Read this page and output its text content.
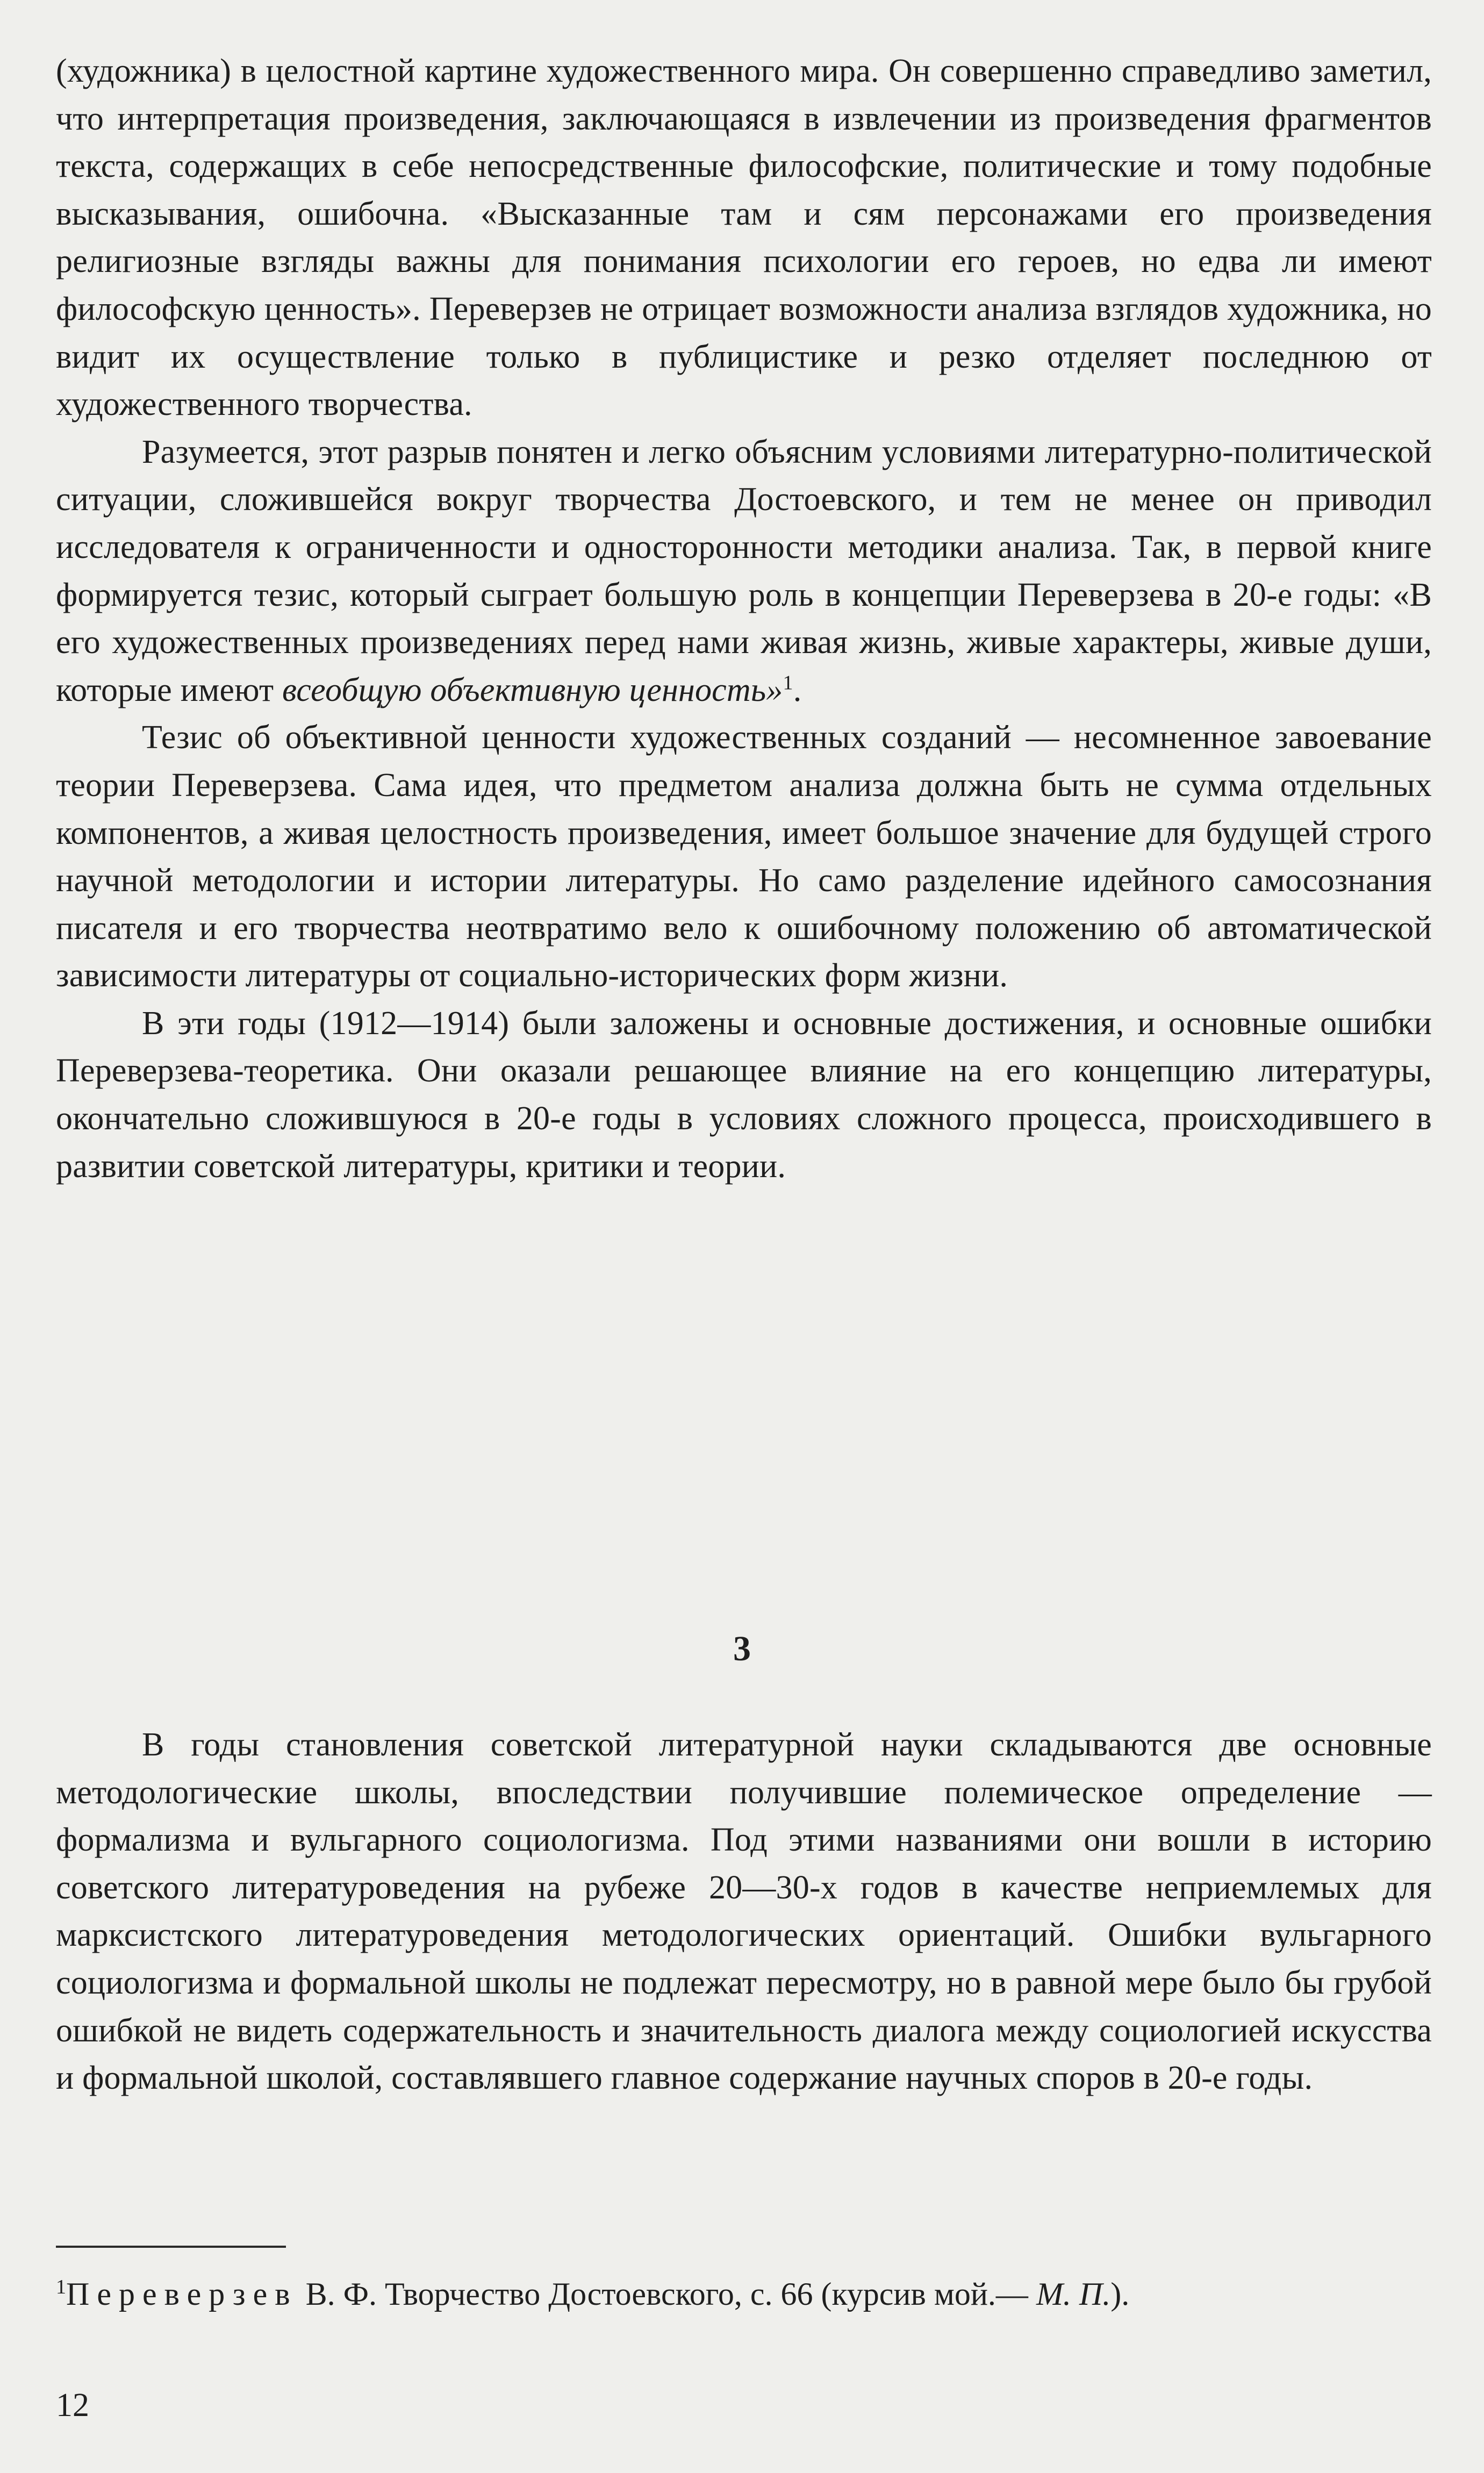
(художника) в целостной картине художественного мира. Он совершенно справедливо заметил, что интерпретация произведения, заключающаяся в извлечении из произведения фрагментов текста, содержащих в себе непосредственные философские, политические и тому подобные высказывания, ошибочна. «Высказанные там и сям персонажами его произведения религиозные взгляды важны для понимания психологии его героев, но едва ли имеют философскую ценность». Переверзев не отрицает возможности анализа взглядов художника, но видит их осуществление только в публицистике и резко отделяет последнюю от художественного творчества.

Разумеется, этот разрыв понятен и легко объясним условиями литературно-политической ситуации, сложившейся вокруг творчества Достоевского, и тем не менее он приводил исследователя к ограниченности и односторонности методики анализа. Так, в первой книге формируется тезис, который сыграет большую роль в концепции Переверзева в 20-е годы: «В его художественных произведениях перед нами живая жизнь, живые характеры, живые души, которые имеют всеобщую объективную ценность»$^1$.

Тезис об объективной ценности художественных созданий — несомненное завоевание теории Переверзева. Сама идея, что предметом анализа должна быть не сумма отдельных компонентов, а живая целостность произведения, имеет большое значение для будущей строго научной методологии и истории литературы. Но само разделение идейного самосознания писателя и его творчества неотвратимо вело к ошибочному положению об автоматической зависимости литературы от социально-исторических форм жизни.

В эти годы (1912—1914) были заложены и основные достижения, и основные ошибки Переверзева-теоретика. Они оказали решающее влияние на его концепцию литературы, окончательно сложившуюся в 20-е годы в условиях сложного процесса, происходившего в развитии советской литературы, критики и теории.

3

В годы становления советской литературной науки складываются две основные методологические школы, впоследствии получившие полемическое определение — формализма и вульгарного социологизма. Под этими названиями они вошли в историю советского литературоведения на рубеже 20—30-х годов в качестве неприемлемых для марксистского литературоведения методологических ориентаций. Ошибки вульгарного социологизма и формальной школы не подлежат пересмотру, но в равной мере было бы грубой ошибкой не видеть содержательность и значительность диалога между социологией искусства и формальной школой, составлявшего главное содержание научных споров в 20-е годы.

$^1$Переверзев В. Ф. Творчество Достоевского, с. 66 (курсив мой.— М. П.).
12
